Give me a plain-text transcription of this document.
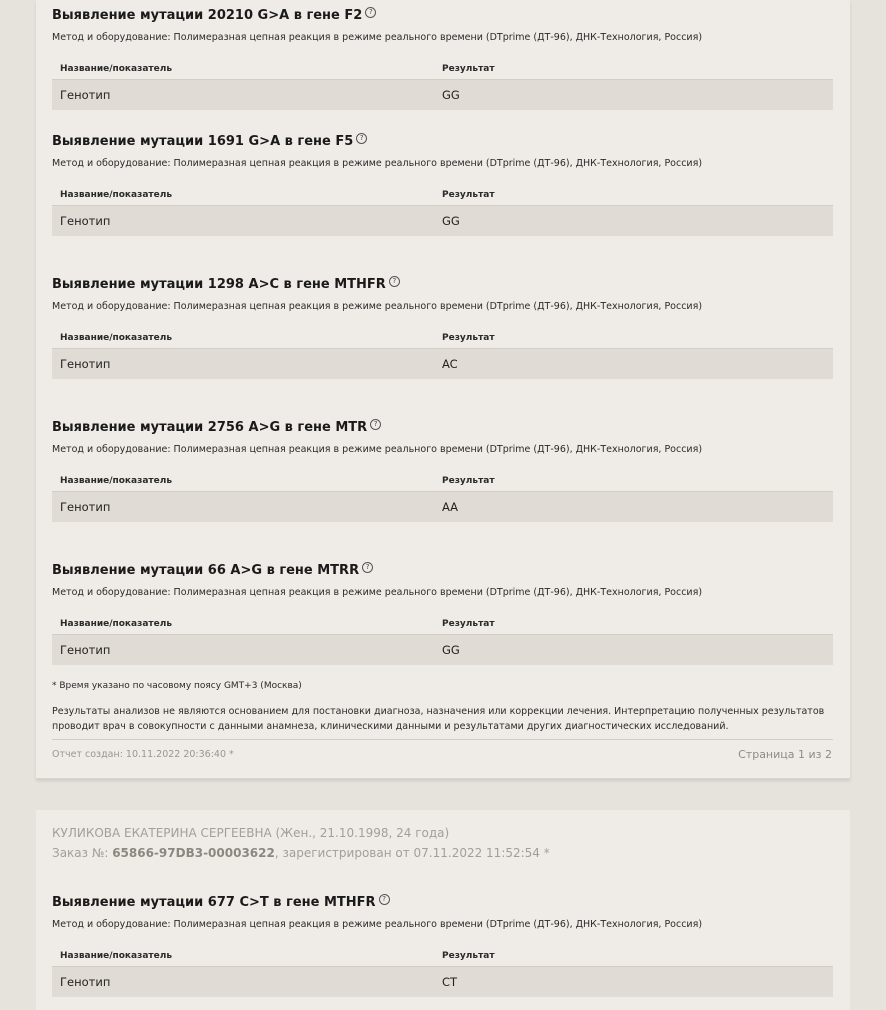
Выявление мутации 20210 G>A в гене F2 ?
Метод и оборудование: Полимеразная цепная реакция в режиме реального времени (DTprime (ДТ-96), ДНК-Технология, Россия)
Название/показатель	Результат
Генотип	GG
Выявление мутации 1691 G>A в гене F5 ?
Метод и оборудование: Полимеразная цепная реакция в режиме реального времени (DTprime (ДТ-96), ДНК-Технология, Россия)
Название/показатель	Результат
Генотип	GG
Выявление мутации 1298 A>C в гене MTHFR ?
Метод и оборудование: Полимеразная цепная реакция в режиме реального времени (DTprime (ДТ-96), ДНК-Технология, Россия)
Название/показатель	Результат
Генотип	AC
Выявление мутации 2756 A>G в гене MTR ?
Метод и оборудование: Полимеразная цепная реакция в режиме реального времени (DTprime (ДТ-96), ДНК-Технология, Россия)
Название/показатель	Результат
Генотип	AA
Выявление мутации 66 A>G в гене MTRR ?
Метод и оборудование: Полимеразная цепная реакция в режиме реального времени (DTprime (ДТ-96), ДНК-Технология, Россия)
Название/показатель	Результат
Генотип	GG
* Время указано по часовому поясу GMT+3 (Москва)
Результаты анализов не являются основанием для постановки диагноза, назначения или коррекции лечения. Интерпретацию полученных результатов проводит врач в совокупности с данными анамнеза, клиническими данными и результатами других диагностических исследований.
Отчет создан: 10.11.2022 20:36:40 *	Страница 1 из 2
КУЛИКОВА ЕКАТЕРИНА СЕРГЕЕВНА (Жен., 21.10.1998, 24 года)
Заказ №: 65866-97DB3-00003622, зарегистрирован от 07.11.2022 11:52:54 *
Выявление мутации 677 C>T в гене MTHFR ?
Метод и оборудование: Полимеразная цепная реакция в режиме реального времени (DTprime (ДТ-96), ДНК-Технология, Россия)
Название/показатель	Результат
Генотип	CT
